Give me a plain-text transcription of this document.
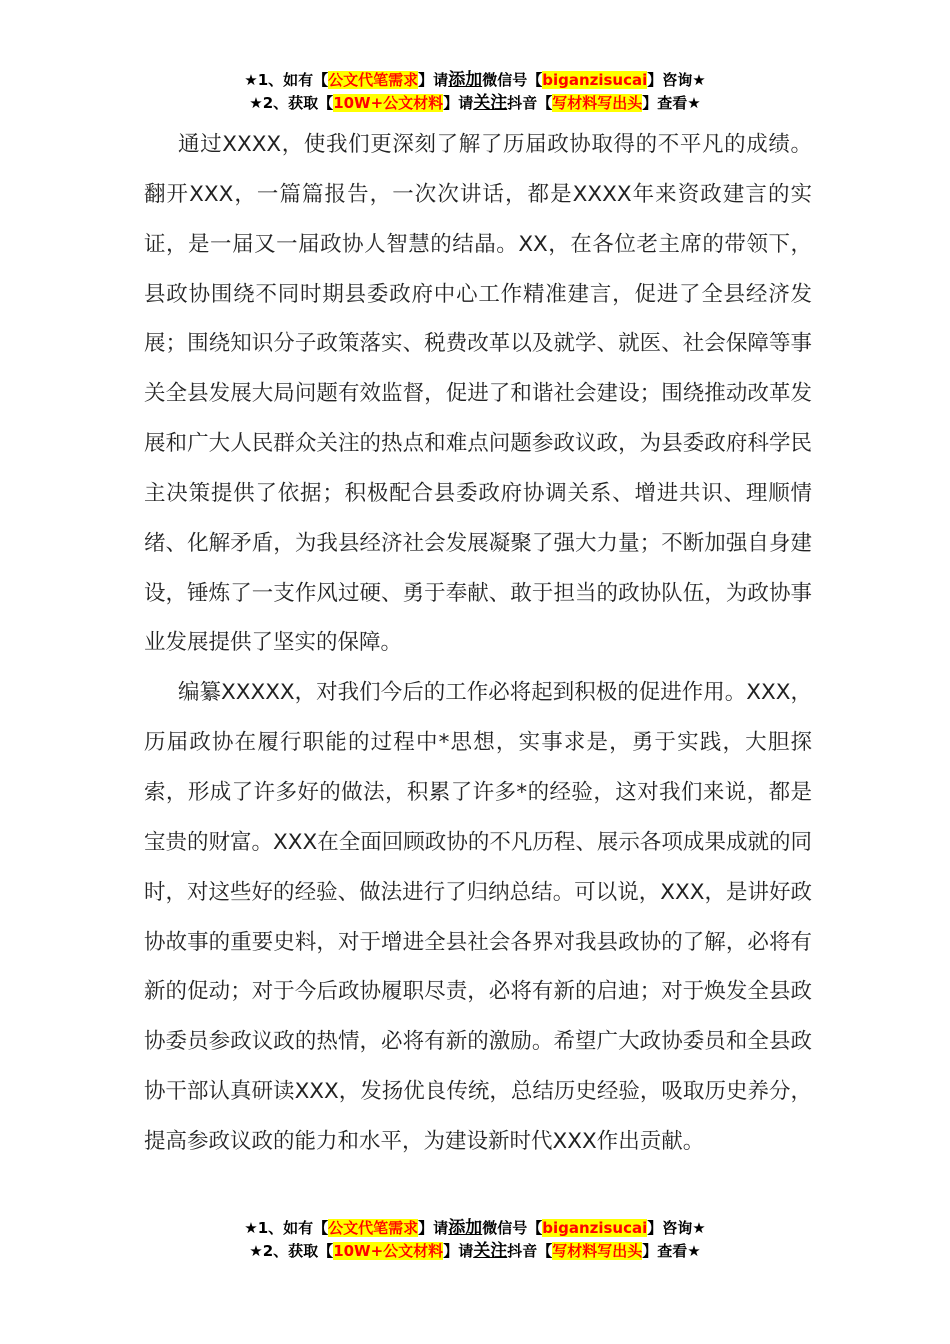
★1、如有【公文代笔需求】请添加微信号【biganzisucai】咨询★
★2、获取【10W+公文材料】请关注抖音【写材料写出头】查看★

通过XXXX，使我们更深刻了解了历届政协取得的不平凡的成绩。翻开XXX，一篇篇报告，一次次讲话，都是XXXX年来资政建言的实证，是一届又一届政协人智慧的结晶。XX，在各位老主席的带领下，县政协围绕不同时期县委政府中心工作精准建言，促进了全县经济发展；围绕知识分子政策落实、税费改革以及就学、就医、社会保障等事关全县发展大局问题有效监督，促进了和谐社会建设；围绕推动改革发展和广大人民群众关注的热点和难点问题参政议政，为县委政府科学民主决策提供了依据；积极配合县委政府协调关系、增进共识、理顺情绪、化解矛盾，为我县经济社会发展凝聚了强大力量；不断加强自身建设，锤炼了一支作风过硬、勇于奉献、敢于担当的政协队伍，为政协事业发展提供了坚实的保障。

编纂XXXXX，对我们今后的工作必将起到积极的促进作用。XXX，历届政协在履行职能的过程中*思想，实事求是，勇于实践，大胆探索，形成了许多好的做法，积累了许多*的经验，这对我们来说，都是宝贵的财富。XXX在全面回顾政协的不凡历程、展示各项成果成就的同时，对这些好的经验、做法进行了归纳总结。可以说，XXX，是讲好政协故事的重要史料，对于增进全县社会各界对我县政协的了解，必将有新的促动；对于今后政协履职尽责，必将有新的启迪；对于焕发全县政协委员参政议政的热情，必将有新的激励。希望广大政协委员和全县政协干部认真研读XXX，发扬优良传统，总结历史经验，吸取历史养分，提高参政议政的能力和水平，为建设新时代XXX作出贡献。

★1、如有【公文代笔需求】请添加微信号【biganzisucai】咨询★
★2、获取【10W+公文材料】请关注抖音【写材料写出头】查看★
